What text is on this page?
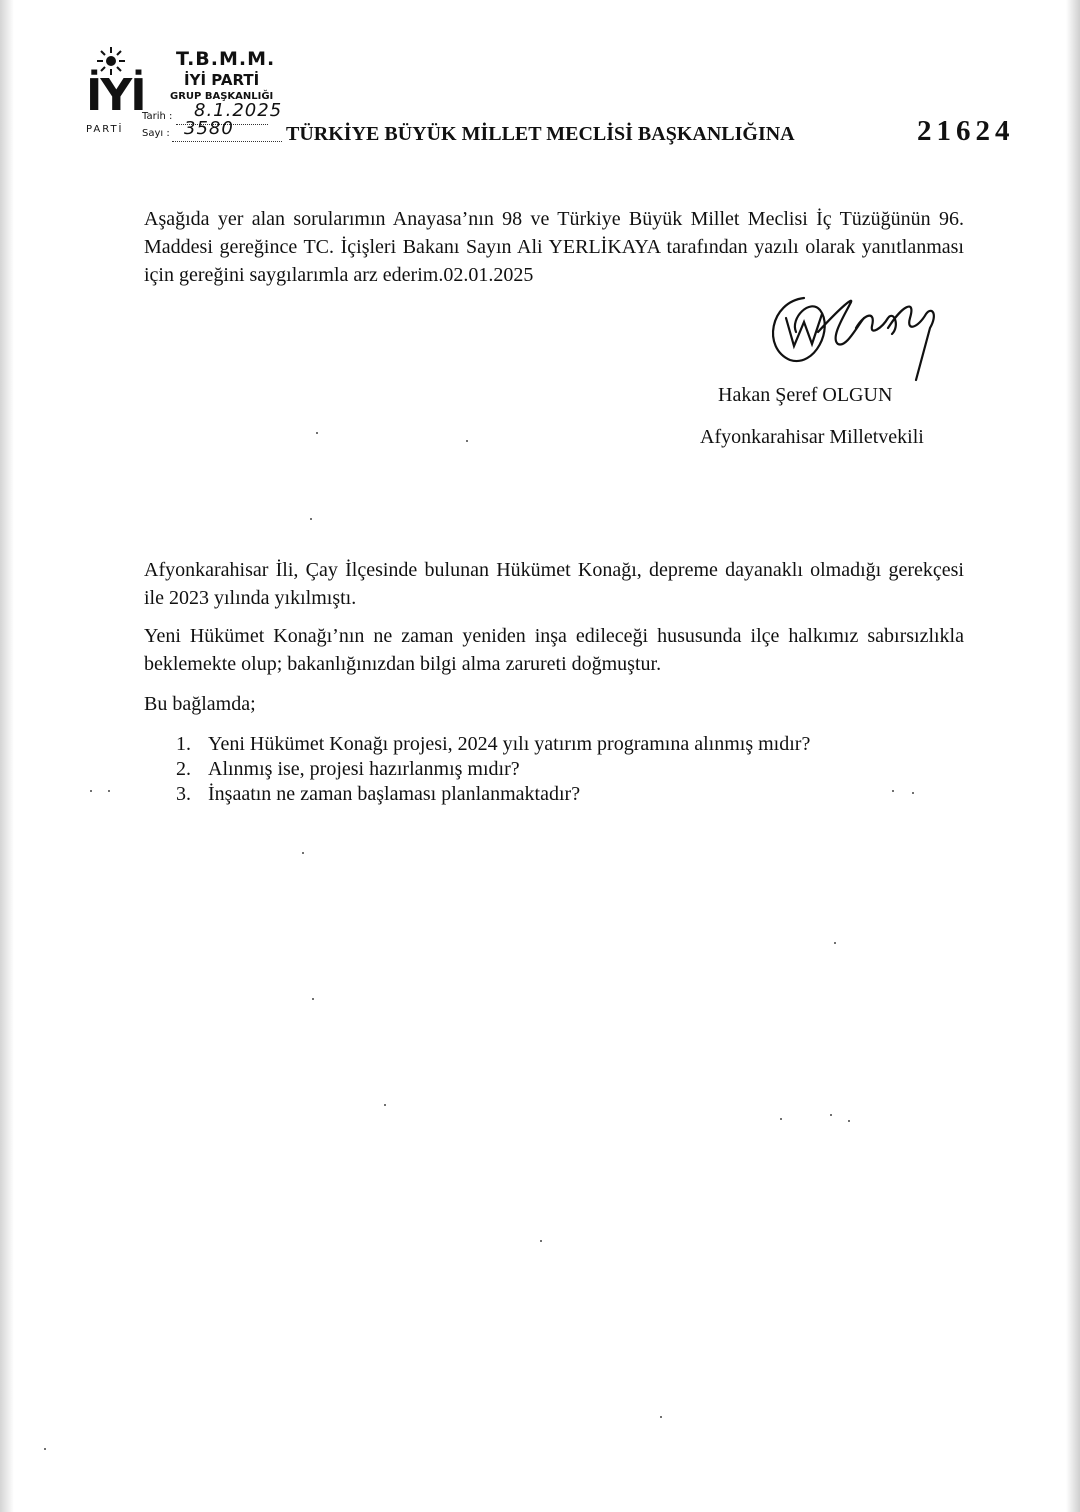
İYİ
PARTİ
T.B.M.M.
İYİ PARTİ
GRUP BAŞKANLIĞI
Tarih : 8.1.2025
Sayı : 3580	TÜRKİYE BÜYÜK MİLLET MECLİSİ BAŞKANLIĞINA	21624
Aşağıda yer alan sorularımın Anayasa’nın 98 ve Türkiye Büyük Millet Meclisi İç Tüzüğünün 96. Maddesi gereğince TC. İçişleri Bakanı Sayın Ali YERLİKAYA tarafından yazılı olarak yanıtlanması için gereğini saygılarımla arz ederim.02.01.2025
Hakan Şeref OLGUN
Afyonkarahisar Milletvekili
Afyonkarahisar İli, Çay İlçesinde bulunan Hükümet Konağı, depreme dayanaklı olmadığı gerekçesi ile 2023 yılında yıkılmıştı.
Yeni Hükümet Konağı’nın ne zaman yeniden inşa edileceği hususunda ilçe halkımız sabırsızlıkla beklemekte olup; bakanlığınızdan bilgi alma zarureti doğmuştur.
Bu bağlamda;
1. Yeni Hükümet Konağı projesi, 2024 yılı yatırım programına alınmış mıdır?
2. Alınmış ise, projesi hazırlanmış mıdır?
3. İnşaatın ne zaman başlaması planlanmaktadır?
